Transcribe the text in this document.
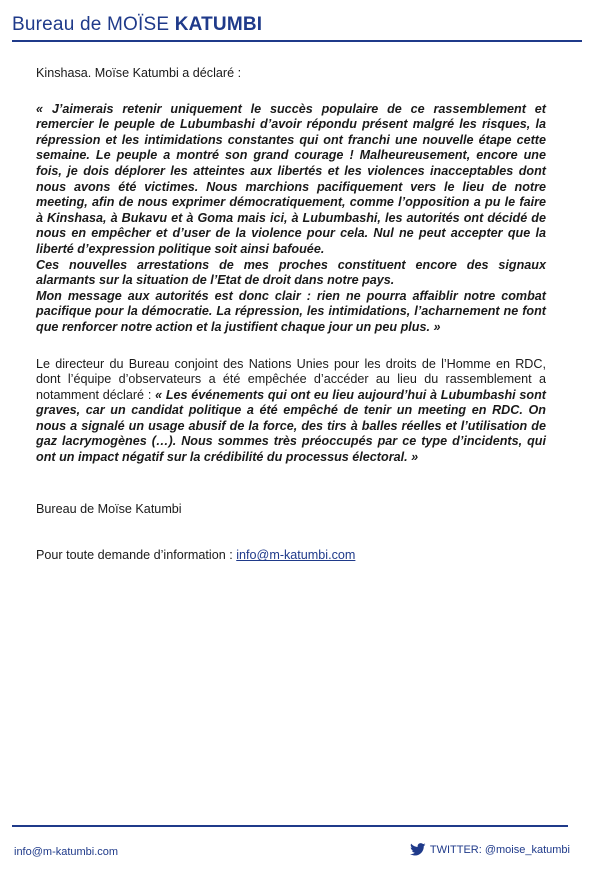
Bureau de MOÏSE KATUMBI

Kinshasa. Moïse Katumbi a déclaré :

« J’aimerais retenir uniquement le succès populaire de ce rassemblement et remercier le peuple de Lubumbashi d’avoir répondu présent malgré les risques, la répression et les intimidations constantes qui ont franchi une nouvelle étape cette semaine. Le peuple a montré son grand courage ! Malheureusement, encore une fois, je dois déplorer les atteintes aux libertés et les violences inacceptables dont nous avons été victimes. Nous marchions pacifiquement vers le lieu de notre meeting, afin de nous exprimer démocratiquement, comme l’opposition a pu le faire à Kinshasa, à Bukavu et à Goma mais ici, à Lubumbashi, les autorités ont décidé de nous en empêcher et d’user de la violence pour cela. Nul ne peut accepter que la liberté d’expression politique soit ainsi bafouée.

Ces nouvelles arrestations de mes proches constituent encore des signaux alarmants sur la situation de l’Etat de droit dans notre pays.

Mon message aux autorités est donc clair : rien ne pourra affaiblir notre combat pacifique pour la démocratie. La répression, les intimidations, l’acharnement ne font que renforcer notre action et la justifient chaque jour un peu plus. »

Le directeur du Bureau conjoint des Nations Unies pour les droits de l’Homme en RDC, dont l’équipe d’observateurs a été empêchée d’accéder au lieu du rassemblement a notamment déclaré : « Les événements qui ont eu lieu aujourd’hui à Lubumbashi sont graves, car un candidat politique a été empêché de tenir un meeting en RDC. On nous a signalé un usage abusif de la force, des tirs à balles réelles et l’utilisation de gaz lacrymogènes (…). Nous sommes très préoccupés par ce type d’incidents, qui ont un impact négatif sur la crédibilité du processus électoral. »

Bureau de Moïse Katumbi

Pour toute demande d’information : info@m-katumbi.com

info@m-katumbi.com	TWITTER: @moise_katumbi
